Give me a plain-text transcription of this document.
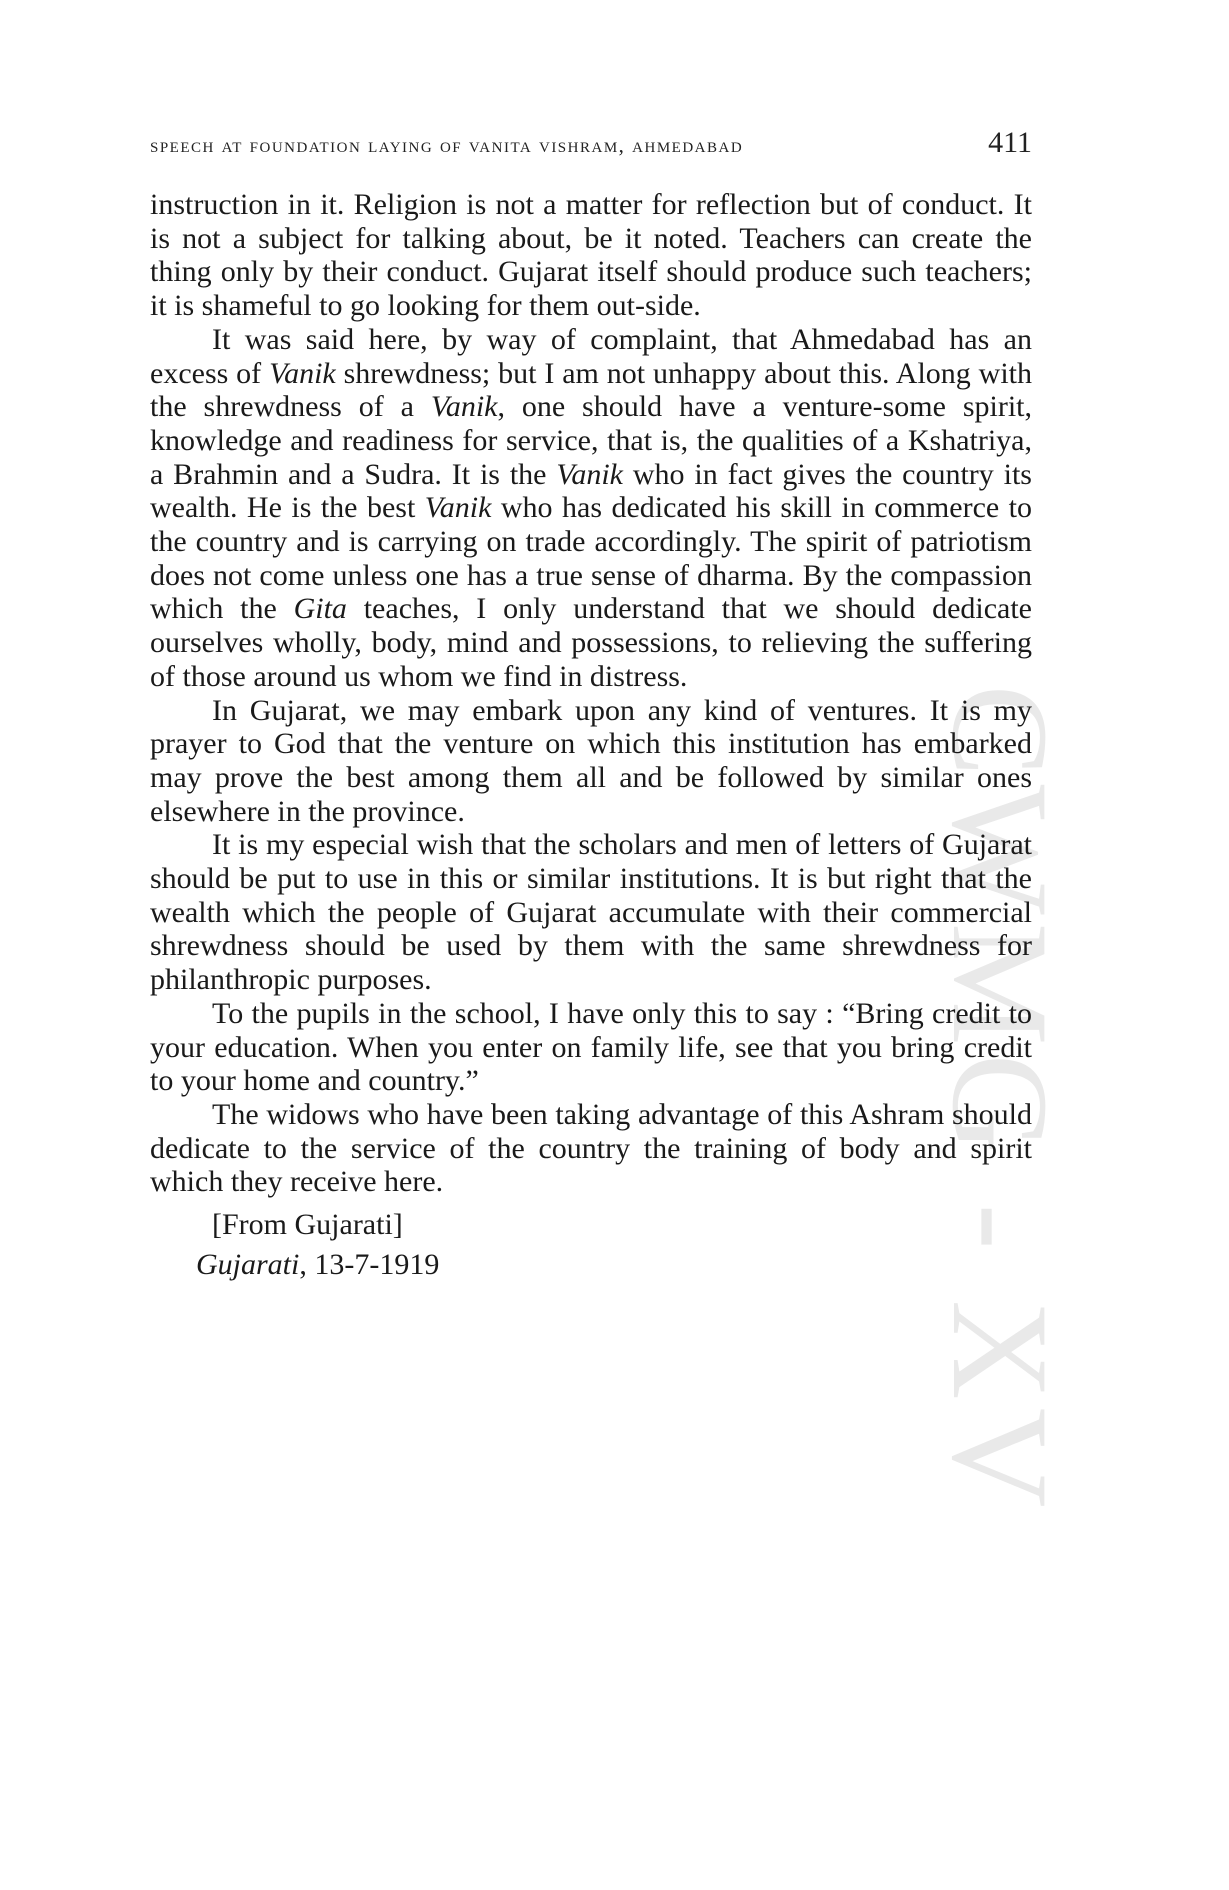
CWMG - XV
speech at foundation laying of vanita vishram, ahmedabad	411

instruction in it. Religion is not a matter for reflection but of conduct. It is not a subject for talking about, be it noted. Teachers can create the thing only by their conduct. Gujarat itself should produce such teachers; it is shameful to go looking for them out-side.

It was said here, by way of complaint, that Ahmedabad has an excess of Vanik shrewdness; but I am not unhappy about this. Along with the shrewdness of a Vanik, one should have a venture-some spirit, knowledge and readiness for service, that is, the qualities of a Kshatriya, a Brahmin and a Sudra. It is the Vanik who in fact gives the country its wealth. He is the best Vanik who has dedicated his skill in commerce to the country and is carrying on trade accordingly. The spirit of patriotism does not come unless one has a true sense of dharma. By the compassion which the Gita teaches, I only understand that we should dedicate ourselves wholly, body, mind and possessions, to relieving the suffering of those around us whom we find in distress.

In Gujarat, we may embark upon any kind of ventures. It is my prayer to God that the venture on which this institution has embarked may prove the best among them all and be followed by similar ones elsewhere in the province.

It is my especial wish that the scholars and men of letters of Gujarat should be put to use in this or similar institutions. It is but right that the wealth which the people of Gujarat accumulate with their commercial shrewdness should be used by them with the same shrewdness for philanthropic purposes.

To the pupils in the school, I have only this to say : “Bring credit to your education. When you enter on family life, see that you bring credit to your home and country.”

The widows who have been taking advantage of this Ashram should dedicate to the service of the country the training of body and spirit which they receive here.

[From Gujarati]

Gujarati, 13-7-1919
